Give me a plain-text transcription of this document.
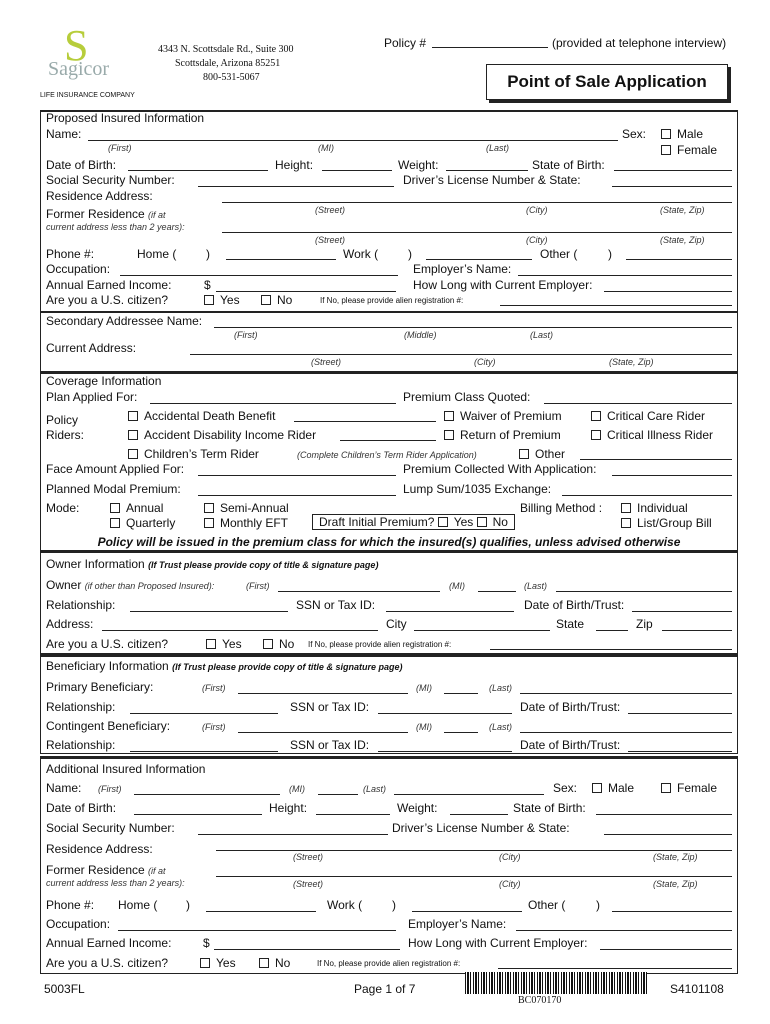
S
Sagicor
LIFE INSURANCE COMPANY
4343 N. Scottsdale Rd., Suite 300
Scottsdale, Arizona 85251
800-531-5067
Policy #	(provided at telephone interview)
Point of Sale Application
Proposed Insured Information
Name:	Sex:	Male
Female
(First)	(MI)	(Last)
Date of Birth:	Height:	Weight:	State of Birth:
Social Security Number:	Driver’s License Number & State:
Residence Address:
(Street)	(City)	(State, Zip)
Former Residence (if at
current address less than 2 years):
(Street)	(City)	(State, Zip)
Phone #:	Home ( )	Work ( )	Other (	)
Occupation:	Employer’s Name:
Annual Earned Income:	$	How Long with Current Employer:
Are you a U.S. citizen?	Yes	No	If No, please provide alien registration #:
Secondary Addressee Name:
(First)	(Middle)	(Last)
Current Address:
(Street)	(City)	(State, Zip)
Coverage Information
Plan Applied For:	Premium Class Quoted:
Policy
Riders:
Accidental Death Benefit	Waiver of Premium	Critical Care Rider
Accident Disability Income Rider	Return of Premium	Critical Illness Rider
Children’s Term Rider	(Complete Children’s Term Rider Application)	Other
Face Amount Applied For:	Premium Collected With Application:
Planned Modal Premium:	Lump Sum/1035 Exchange:
Mode:	Annual	Semi-Annual	Billing Method :	Individual
Quarterly	Monthly EFT	Draft Initial Premium? Yes No	List/Group Bill
Policy will be issued in the premium class for which the insured(s) qualifies, unless advised otherwise
Owner Information (If Trust please provide copy of title & signature page)
Owner (if other than Proposed Insured):	(First)	(MI)	(Last)
Relationship:	SSN or Tax ID:	Date of Birth/Trust:
Address:	City	State	Zip
Are you a U.S. citizen?	Yes	No If No, please provide alien registration #:
Beneficiary Information (If Trust please provide copy of title & signature page)
Primary Beneficiary:	(First)	(MI)	(Last)
Relationship:	SSN or Tax ID:	Date of Birth/Trust:
Contingent Beneficiary:	(First)	(MI)	(Last)
Relationship:	SSN or Tax ID:	Date of Birth/Trust:
Additional Insured Information
Name: (First)	(MI)	(Last)	Sex:	Male	Female
Date of Birth:	Height:	Weight:	State of Birth:
Social Security Number:	Driver’s License Number & State:
Residence Address:
(Street)	(City)	(State, Zip)
Former Residence (if at
current address less than 2 years):	(Street)	(City)	(State, Zip)
Phone #: Home ( )	Work ( )	Other (	)
Occupation:	Employer’s Name:
Annual Earned Income:	$	How Long with Current Employer:
Are you a U.S. citizen?	Yes	No	If No, please provide alien registration #:
5003FL	Page 1 of 7
BC070170
S4101108
